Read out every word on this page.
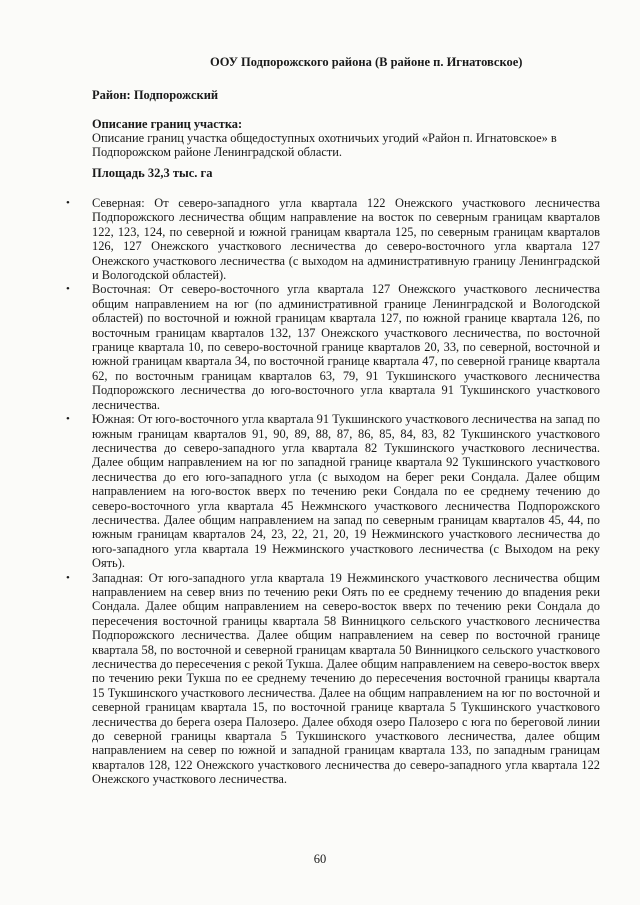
ООУ Подпорожского района (В районе п. Игнатовское)
Район: Подпорожский
Описание границ участка:
Описание границ участка общедоступных охотничьих угодий «Район п. Игнатовское» в Подпорожском районе Ленинградской области.
Площадь 32,3 тыс. га
• Северная: От северо-западного угла квартала 122 Онежского участкового лесничества Подпорожского лесничества общим направление на восток по северным границам кварталов 122, 123, 124, по северной и южной границам квартала 125, по северным границам кварталов 126, 127 Онежского участкового лесничества до северо-восточного угла квартала 127 Онежского участкового лесничества (с выходом на административную границу Ленинградской и Вологодской областей).
• Восточная: От северо-восточного угла квартала 127 Онежского участкового лесничества общим направлением на юг (по административной границе Ленинградской и Вологодской областей) по восточной и южной границам квартала 127, по южной границе квартала 126, по восточным границам кварталов 132, 137 Онежского участкового лесничества, по восточной границе квартала 10, по северо-восточной границе кварталов 20, 33, по северной, восточной и южной границам квартала 34, по восточной границе квартала 47, по северной границе квартала 62, по восточным границам кварталов 63, 79, 91 Тукшинского участкового лесничества Подпорожского лесничества до юго-восточного угла квартала 91 Тукшинского участкового лесничества.
• Южная: От юго-восточного угла квартала 91 Тукшинского участкового лесничества на запад по южным границам кварталов 91, 90, 89, 88, 87, 86, 85, 84, 83, 82 Тукшинского участкового лесничества до северо-западного угла квартала 82 Тукшинского участкового лесничества. Далее общим направлением на юг по западной границе квартала 92 Тукшинского участкового лесничества до его юго-западного угла (с выходом на берег реки Сондала. Далее общим направлением на юго-восток вверх по течению реки Сондала по ее среднему течению до северо-восточного угла квартала 45 Нежмнского участкового лесничества Подпорожского лесничества. Далее общим направлением на запад по северным границам кварталов 45, 44, по южным границам кварталов 24, 23, 22, 21, 20, 19 Нежминского участкового лесничества до юго-западного угла квартала 19 Нежминского участкового лесничества (с Выходом на реку Оять).
• Западная: От юго-западного угла квартала 19 Нежминского участкового лесничества общим направлением на север вниз по течению реки Оять по ее среднему течению до впадения реки Сондала. Далее общим направлением на северо-восток вверх по течению реки Сондала до пересечения восточной границы квартала 58 Винницкого сельского участкового лесничества Подпорожского лесничества. Далее общим направлением на север по восточной границе квартала 58, по восточной и северной границам квартала 50 Винницкого сельского участкового лесничества до пересечения с рекой Тукша. Далее общим направлением на северо-восток вверх по течению реки Тукша по ее среднему течению до пересечения восточной границы квартала 15 Тукшинского участкового лесничества. Далее на общим направлением на юг по восточной и северной границам квартала 15, по восточной границе квартала 5 Тукшинского участкового лесничества до берега озера Палозеро. Далее обходя озеро Палозеро с юга по береговой линии до северной границы квартала 5 Тукшинского участкового лесничества, далее общим направлением на север по южной и западной границам квартала 133, по западным границам кварталов 128, 122 Онежского участкового лесничества до северо-западного угла квартала 122 Онежского участкового лесничества.
60
